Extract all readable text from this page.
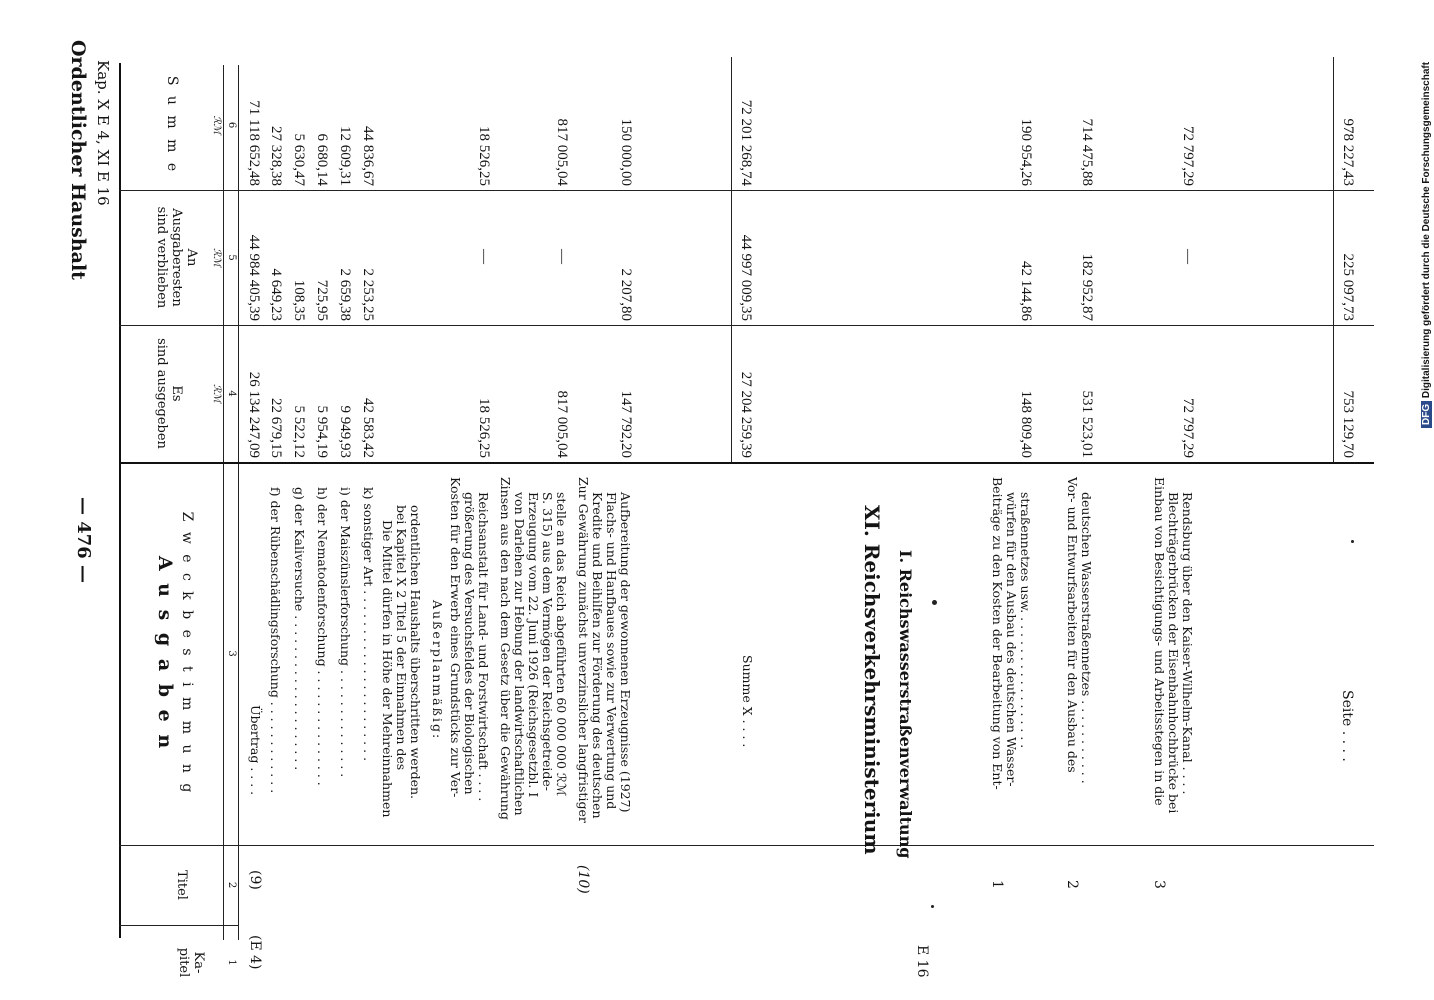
Ordentlicher Haushalt Kap. X E 4, XI E 16
— 476 —
Ka-
pitel
Titel
A u s g a b e n Z w e c k b e s t i m m u n g
Es
sind ausgegeben
An
Ausgaberesten
sind verblieben
S u m m e
ℛℳ
ℛℳ
ℛℳ
1
2
3
4
5
6
(E 4)
(9)
Übertrag . . . .
26 134 247,09
44 984 405,39
71 118 652,48
f) der Rübenschädlingsforschung . . . . . . . . . . . .
22 679,15
4 649,23
27 328,38
g) der Kaliversuche . . . . . . . . . . . . . . . . . . . .
5 522,12
108,35
5 630,47
h) der Nematodenforschung . . . . . . . . . . . . . . .
5 954,19
725,95
6 680,14
i) der Maiszünslerforschung . . . . . . . . . . . . . .
9 949,93
2 659,38
12 609,31
k) sonstiger Art . . . . . . . . . . . . . . . . . . . . . .
42 583,42
2 253,25
44 836,67
Die Mittel dürfen in Höhe der Mehreinnahmen bei Kapitel X 2 Titel 5 der Einnahmen des ordentlichen Haushalts überschritten werden. Außerplanmäßig: Kosten für den Erwerb eines Grundstücks zur Ver- größerung des Versuchsfeldes der Biologischen Reichsanstalt für Land- und Forstwirtschaft . . . .
18 526,25
—
18 526,25
Zinsen aus den nach dem Gesetz über die Gewährung von Darlehen zur Hebung der landwirtschaftlichen Erzeugung vom 22. Juni 1926 (Reichsgesetzbl. I S. 315) aus dem Vermögen der Reichsgetreide- stelle an das Reich abgeführten 60 000 000 ℛℳ
817 005,04
—
817 005,04
(10)
Zur Gewährung zunächst unverzinslicher langfristiger Kredite und Beihilfen zur Förderung des deutschen Flachs- und Hanfbaues sowie zur Verwertung und Aufbereitung der gewonnenen Erzeugnisse (1927)
147 792,20
2 207,80
150 000,00
Summe X . . . .
27 204 259,39
44 997 009,35
72 201 268,74
E 16
XI. Reichsverkehrsministerium I. Reichswasserstraßenverwaltung
1
Beiträge zu den Kosten der Bearbeitung von Ent- würfen für den Ausbau des deutschen Wasser- straßennetzes usw. . . . . . . . . . . . . . . . . .
148 809,40
42 144,86
190 954,26
2
Vor- und Entwurfsarbeiten für den Ausbau des deutschen Wasserstraßennetzes . . . . . . . . . . .
531 523,01
182 952,87
714 475,88
3
Einbau von Besichtigungs- und Arbeitsstegen in die Blechträgerbrücken der Eisenbahnhochbrücke bei Rendsburg über den Kaiser-Wilhelm-Kanal . . . .
72 797,29
—
72 797,29
Seite . . . .
753 129,70
225 097,73
978 227,43
DFG Digitalisierung gefördert durch die Deutsche Forschungsgemeinschaft
